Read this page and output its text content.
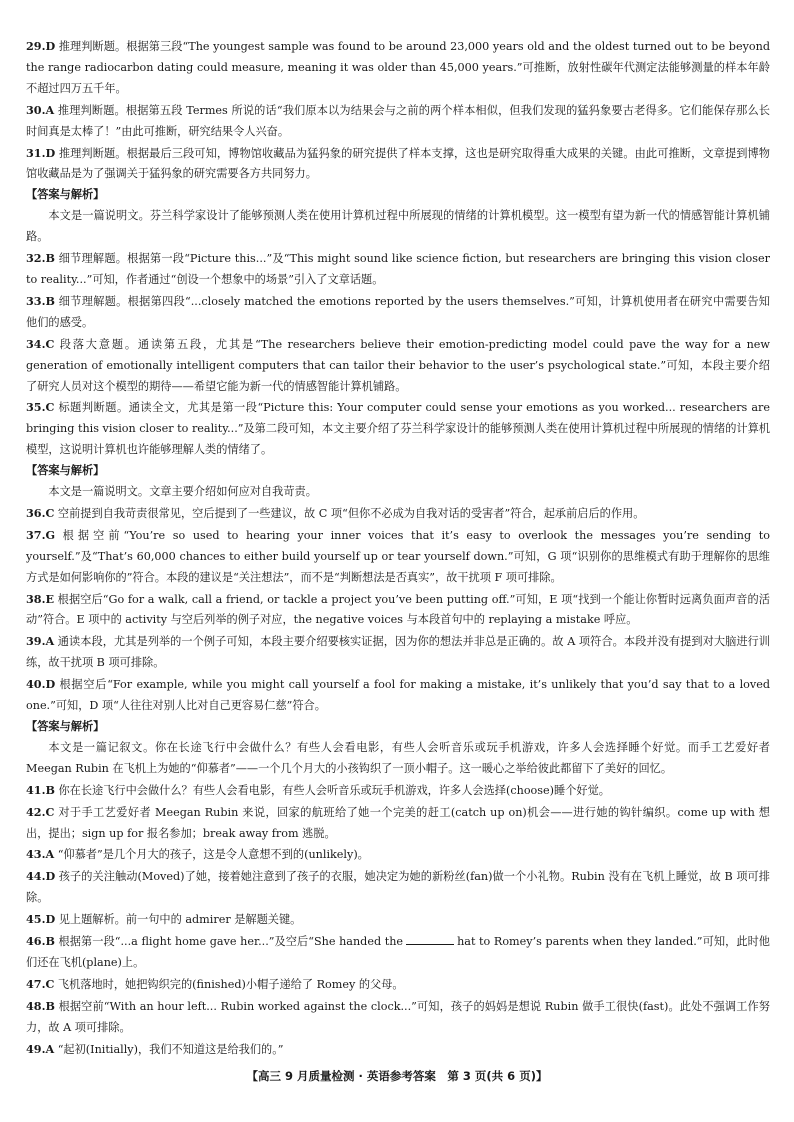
29.D 推理判断题。根据第三段“The youngest sample was found to be around 23,000 years old and the oldest turned out to be beyond the range radiocarbon dating could measure, meaning it was older than 45,000 years.”可推断，放射性碳年代测定法能够测量的样本年龄不超过四万五千年。

30.A 推理判断题。根据第五段 Termes 所说的话“我们原本以为结果会与之前的两个样本相似，但我们发现的猛犸象要古老得多。它们能保存那么长时间真是太棒了！”由此可推断，研究结果令人兴奋。

31.D 推理判断题。根据最后三段可知，博物馆收藏品为猛犸象的研究提供了样本支撑，这也是研究取得重大成果的关键。由此可推断，文章提到博物馆收藏品是为了强调关于猛犸象的研究需要各方共同努力。

【答案与解析】

本文是一篇说明文。芬兰科学家设计了能够预测人类在使用计算机过程中所展现的情绪的计算机模型。这一模型有望为新一代的情感智能计算机铺路。

32.B 细节理解题。根据第一段“Picture this...”及“This might sound like science fiction, but researchers are bringing this vision closer to reality...”可知，作者通过“创设一个想象中的场景”引入了文章话题。

33.B 细节理解题。根据第四段“...closely matched the emotions reported by the users themselves.”可知，计算机使用者在研究中需要告知他们的感受。

34.C 段落大意题。通读第五段，尤其是“The researchers believe their emotion-predicting model could pave the way for a new generation of emotionally intelligent computers that can tailor their behavior to the user’s psychological state.”可知，本段主要介绍了研究人员对这个模型的期待——希望它能为新一代的情感智能计算机铺路。

35.C 标题判断题。通读全文，尤其是第一段“Picture this: Your computer could sense your emotions as you worked... researchers are bringing this vision closer to reality...”及第二段可知，本文主要介绍了芬兰科学家设计的能够预测人类在使用计算机过程中所展现的情绪的计算机模型，这说明计算机也许能够理解人类的情绪了。

【答案与解析】

本文是一篇说明文。文章主要介绍如何应对自我苛责。

36.C 空前提到自我苛责很常见，空后提到了一些建议，故 C 项“但你不必成为自我对话的受害者”符合，起承前启后的作用。

37.G 根据空前“You’re so used to hearing your inner voices that it’s easy to overlook the messages you’re sending to yourself.”及“That’s 60,000 chances to either build yourself up or tear yourself down.”可知，G 项“识别你的思维模式有助于理解你的思维方式是如何影响你的”符合。本段的建议是“关注想法”，而不是“判断想法是否真实”，故干扰项 F 项可排除。

38.E 根据空后“Go for a walk, call a friend, or tackle a project you’ve been putting off.”可知，E 项“找到一个能让你暂时远离负面声音的活动”符合。E 项中的 activity 与空后列举的例子对应，the negative voices 与本段首句中的 replaying a mistake 呼应。

39.A 通读本段，尤其是列举的一个例子可知，本段主要介绍要核实证据，因为你的想法并非总是正确的。故 A 项符合。本段并没有提到对大脑进行训练，故干扰项 B 项可排除。

40.D 根据空后“For example, while you might call yourself a fool for making a mistake, it’s unlikely that you’d say that to a loved one.”可知，D 项“人往往对别人比对自己更容易仁慈”符合。

【答案与解析】

本文是一篇记叙文。你在长途飞行中会做什么？有些人会看电影，有些人会听音乐或玩手机游戏，许多人会选择睡个好觉。而手工艺爱好者 Meegan Rubin 在飞机上为她的“仰慕者”——一个几个月大的小孩钩织了一顶小帽子。这一暖心之举给彼此都留下了美好的回忆。

41.B 你在长途飞行中会做什么？有些人会看电影，有些人会听音乐或玩手机游戏，许多人会选择(choose)睡个好觉。

42.C 对于手工艺爱好者 Meegan Rubin 来说，回家的航班给了她一个完美的赶工(catch up on)机会——进行她的钩针编织。come up with 想出，提出；sign up for 报名参加；break away from 逃脱。

43.A “仰慕者”是几个月大的孩子，这是令人意想不到的(unlikely)。

44.D 孩子的关注触动(Moved)了她，接着她注意到了孩子的衣服，她决定为她的新粉丝(fan)做一个小礼物。Rubin 没有在飞机上睡觉，故 B 项可排除。

45.D 见上题解析。前一句中的 admirer 是解题关键。

46.B 根据第一段“...a flight home gave her...”及空后“She handed the	hat to Romey’s parents when they landed.”可知，此时他们还在飞机(plane)上。

47.C 飞机落地时，她把钩织完的(finished)小帽子递给了 Romey 的父母。

48.B 根据空前“With an hour left... Rubin worked against the clock...”可知，孩子的妈妈是想说 Rubin 做手工很快(fast)。此处不强调工作努力，故 A 项可排除。

49.A “起初(Initially)，我们不知道这是给我们的。”

【高三 9 月质量检测 · 英语参考答案　第 3 页(共 6 页)】
